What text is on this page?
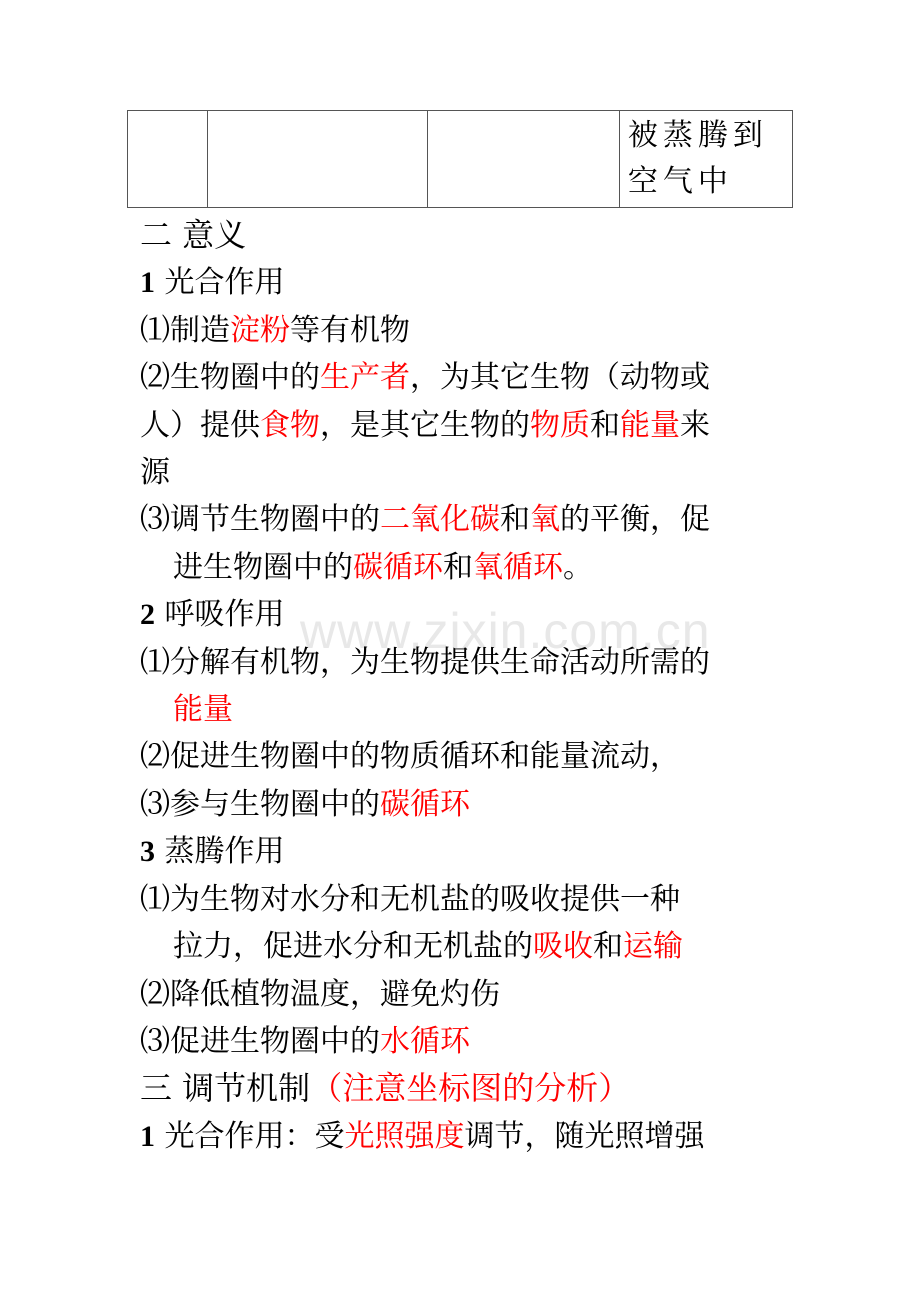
被蒸腾到
空气中
www.zixin.com.cn
二 意义
1 光合作用
⑴制造淀粉等有机物
⑵生物圈中的生产者，为其它生物（动物或
人）提供食物，是其它生物的物质和能量来
源
⑶调节生物圈中的二氧化碳和氧的平衡，促
进生物圈中的碳循环和氧循环。
2 呼吸作用
⑴分解有机物，为生物提供生命活动所需的
能量
⑵促进生物圈中的物质循环和能量流动，
⑶参与生物圈中的碳循环
3 蒸腾作用
⑴为生物对水分和无机盐的吸收提供一种
拉力，促进水分和无机盐的吸收和运输
⑵降低植物温度，避免灼伤
⑶促进生物圈中的水循环
三 调节机制（注意坐标图的分析）
1 光合作用：受光照强度调节，随光照增强
